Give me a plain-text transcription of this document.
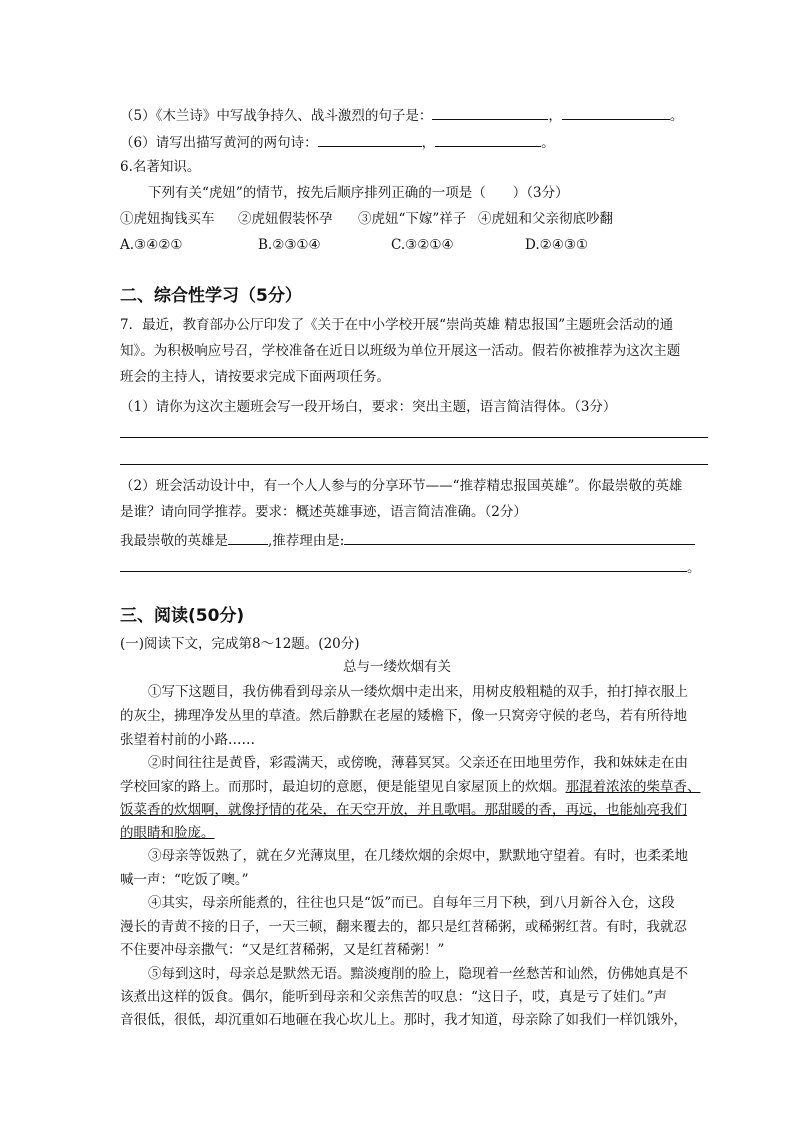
（5）《木兰诗》中写战争持久、战斗激烈的句子是：	，	。
（6）请写出描写黄河的两句诗：	，	。
6.名著知识。
下列有关“虎妞”的情节，按先后顺序排列正确的一项是（　　）（3分）
①虎妞掏钱买车 ②虎妞假装怀孕 ③虎妞“下嫁”祥子 ④虎妞和父亲彻底吵翻
A.③④②①	B.②③①④	C.③②①④	D.②④③①
二、综合性学习（5分）
7．最近，教育部办公厅印发了《关于在中小学校开展“崇尚英雄 精忠报国”主题班会活动的通
知》。为积极响应号召，学校准备在近日以班级为单位开展这一活动。假若你被推荐为这次主题
班会的主持人，请按要求完成下面两项任务。
（1）请你为这次主题班会写一段开场白，要求：突出主题，语言简洁得体。（3分）
（2）班会活动设计中，有一个人人参与的分享环节——“推荐精忠报国英雄”。你最崇敬的英雄
是谁？请向同学推荐。要求：概述英雄事迹，语言简洁准确。（2分）
我最崇敬的英雄是	,推荐理由是:
。
三、阅读(50分)
(一)阅读下文，完成第8～12题。(20分)
总与一缕炊烟有关
①写下这题目，我仿佛看到母亲从一缕炊烟中走出来，用树皮般粗糙的双手，拍打掉衣服上
的灰尘，拂理净发丛里的草渣。然后静默在老屋的矮檐下，像一只窝旁守候的老鸟，若有所待地
张望着村前的小路……
②时间往往是黄昏，彩霞满天，或傍晚，薄暮冥冥。父亲还在田地里劳作，我和妹妹走在由
学校回家的路上。而那时，最迫切的意愿，便是能望见自家屋顶上的炊烟。那混着浓浓的柴草香、
饭菜香的炊烟啊，就像抒情的花朵，在天空开放，并且歌唱。那甜暖的香，再远，也能灿亮我们
的眼睛和脸庞。
③母亲等饭熟了，就在夕光薄岚里，在几缕炊烟的余烬中，默默地守望着。有时，也柔柔地
喊一声：“吃饭了噢。”
④其实，母亲所能煮的，往往也只是“饭”而已。自每年三月下秧，到八月新谷入仓，这段
漫长的青黄不接的日子，一天三顿，翻来覆去的，都只是红苕稀粥，或稀粥红苕。有时，我就忍
不住要冲母亲撒气：“又是红苕稀粥，又是红苕稀粥！”
⑤每到这时，母亲总是默然无语。黯淡瘦削的脸上，隐现着一丝愁苦和讪然，仿佛她真是不
该煮出这样的饭食。偶尔，能听到母亲和父亲焦苦的叹息：“这日子，哎，真是亏了娃们。”声
音很低，很低，却沉重如石地砸在我心坎儿上。那时，我才知道，母亲除了如我们一样饥饿外，
